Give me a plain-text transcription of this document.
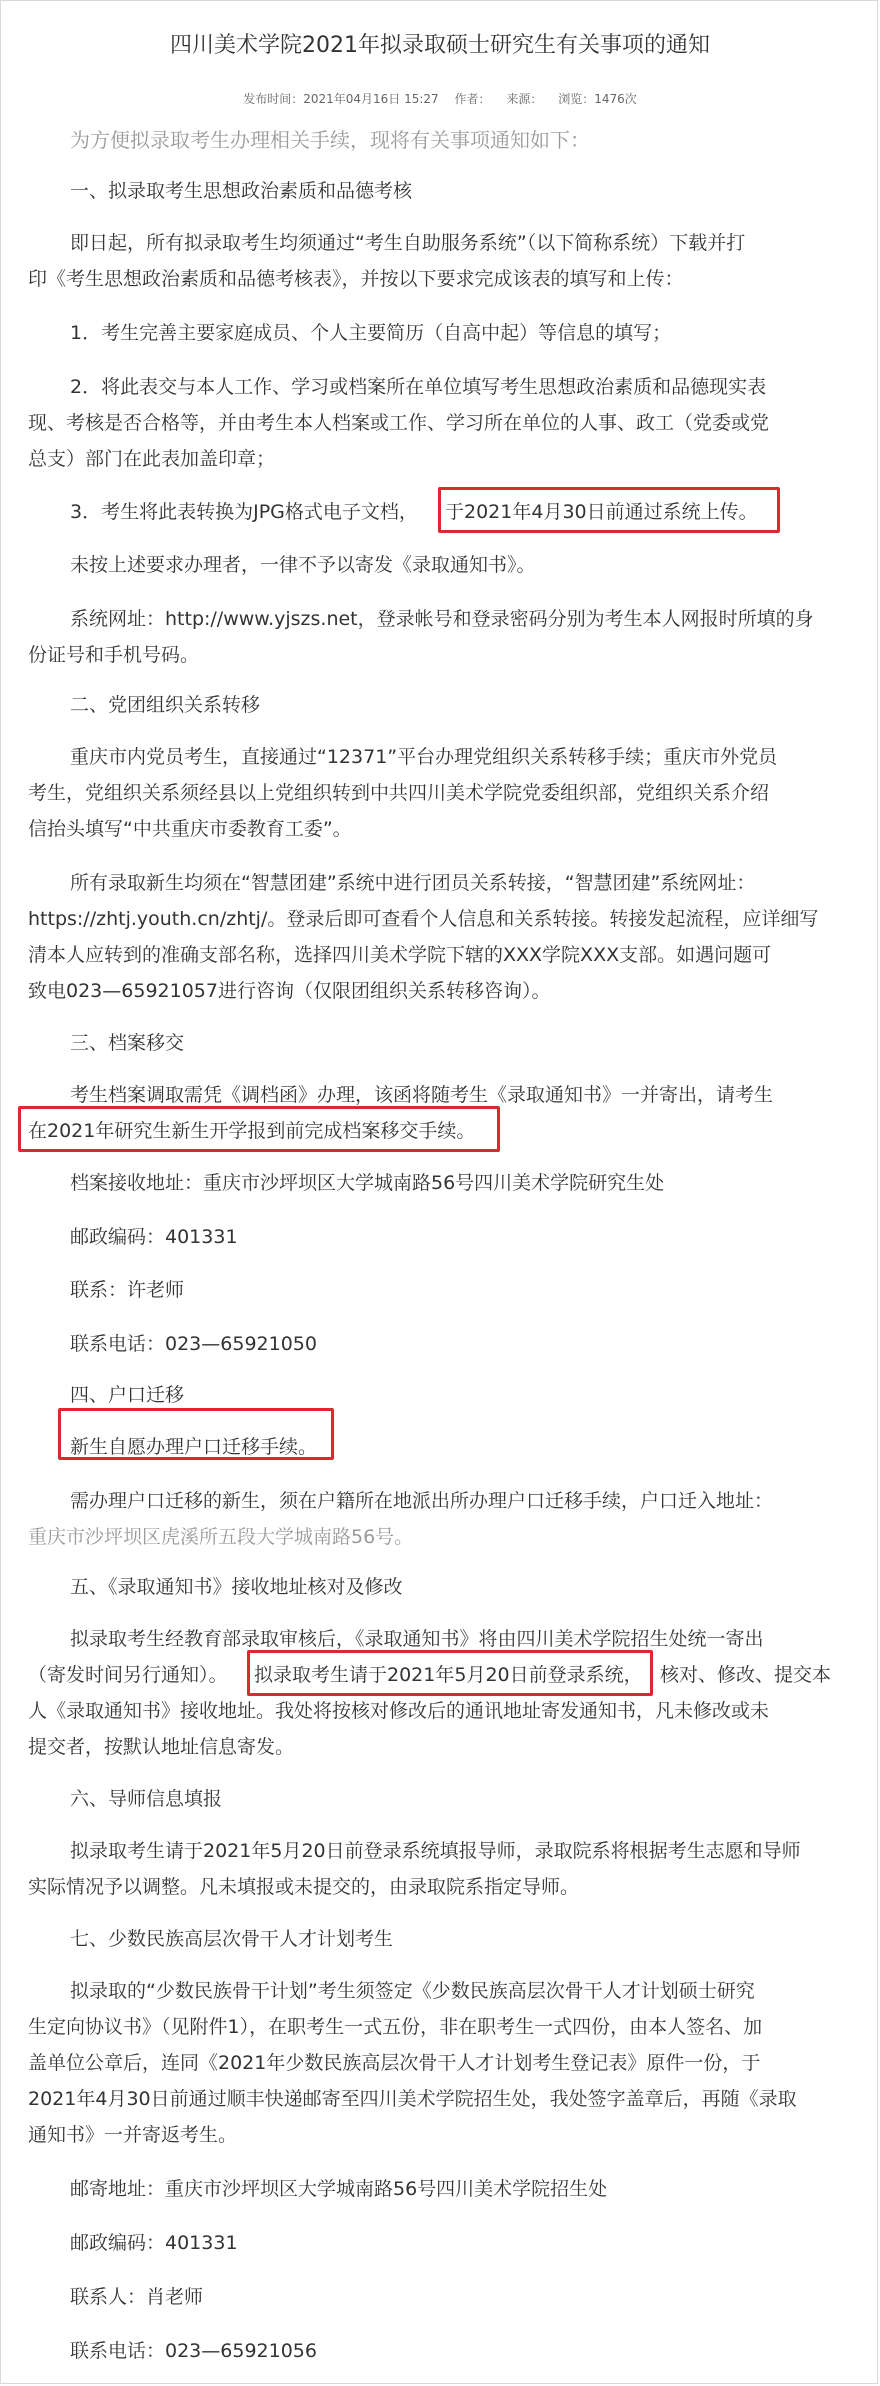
四川美术学院2021年拟录取硕士研究生有关事项的通知
发布时间：2021年04月16日 15:27 作者： 来源： 浏览：1476次
为方便拟录取考生办理相关手续，现将有关事项通知如下：
一、拟录取考生思想政治素质和品德考核
即日起，所有拟录取考生均须通过“考生自助服务系统”（以下简称系统）下载并打
印《考生思想政治素质和品德考核表》，并按以下要求完成该表的填写和上传：
1．考生完善主要家庭成员、个人主要简历（自高中起）等信息的填写；
2．将此表交与本人工作、学习或档案所在单位填写考生思想政治素质和品德现实表
现、考核是否合格等，并由考生本人档案或工作、学习所在单位的人事、政工（党委或党
总支）部门在此表加盖印章；
3．考生将此表转换为JPG格式电子文档， 于2021年4月30日前通过系统上传。
未按上述要求办理者，一律不予以寄发《录取通知书》。
系统网址：http://www.yjszs.net，登录帐号和登录密码分别为考生本人网报时所填的身
份证号和手机号码。
二、党团组织关系转移
重庆市内党员考生，直接通过“12371”平台办理党组织关系转移手续；重庆市外党员
考生，党组织关系须经县以上党组织转到中共四川美术学院党委组织部，党组织关系介绍
信抬头填写“中共重庆市委教育工委”。
所有录取新生均须在“智慧团建”系统中进行团员关系转接，“智慧团建”系统网址：
https://zhtj.youth.cn/zhtj/。登录后即可查看个人信息和关系转接。转接发起流程，应详细写
清本人应转到的准确支部名称，选择四川美术学院下辖的XXX学院XXX支部。如遇问题可
致电023—65921057进行咨询（仅限团组织关系转移咨询）。
三、档案移交
考生档案调取需凭《调档函》办理，该函将随考生《录取通知书》一并寄出，请考生
在2021年研究生新生开学报到前完成档案移交手续。
档案接收地址：重庆市沙坪坝区大学城南路56号四川美术学院研究生处
邮政编码：401331
联系：许老师
联系电话：023—65921050
四、户口迁移
新生自愿办理户口迁移手续。
需办理户口迁移的新生，须在户籍所在地派出所办理户口迁移手续，户口迁入地址：
重庆市沙坪坝区虎溪所五段大学城南路56号。
五、《录取通知书》接收地址核对及修改
拟录取考生经教育部录取审核后，《录取通知书》将由四川美术学院招生处统一寄出
（寄发时间另行通知）。 拟录取考生请于2021年5月20日前登录系统， 核对、修改、提交本
人《录取通知书》接收地址。我处将按核对修改后的通讯地址寄发通知书，凡未修改或未
提交者，按默认地址信息寄发。
六、导师信息填报
拟录取考生请于2021年5月20日前登录系统填报导师，录取院系将根据考生志愿和导师
实际情况予以调整。凡未填报或未提交的，由录取院系指定导师。
七、少数民族高层次骨干人才计划考生
拟录取的“少数民族骨干计划”考生须签定《少数民族高层次骨干人才计划硕士研究
生定向协议书》（见附件1），在职考生一式五份，非在职考生一式四份，由本人签名、加
盖单位公章后，连同《2021年少数民族高层次骨干人才计划考生登记表》原件一份，于
2021年4月30日前通过顺丰快递邮寄至四川美术学院招生处，我处签字盖章后，再随《录取
通知书》一并寄返考生。
邮寄地址：重庆市沙坪坝区大学城南路56号四川美术学院招生处
邮政编码：401331
联系人：肖老师
联系电话：023—65921056
